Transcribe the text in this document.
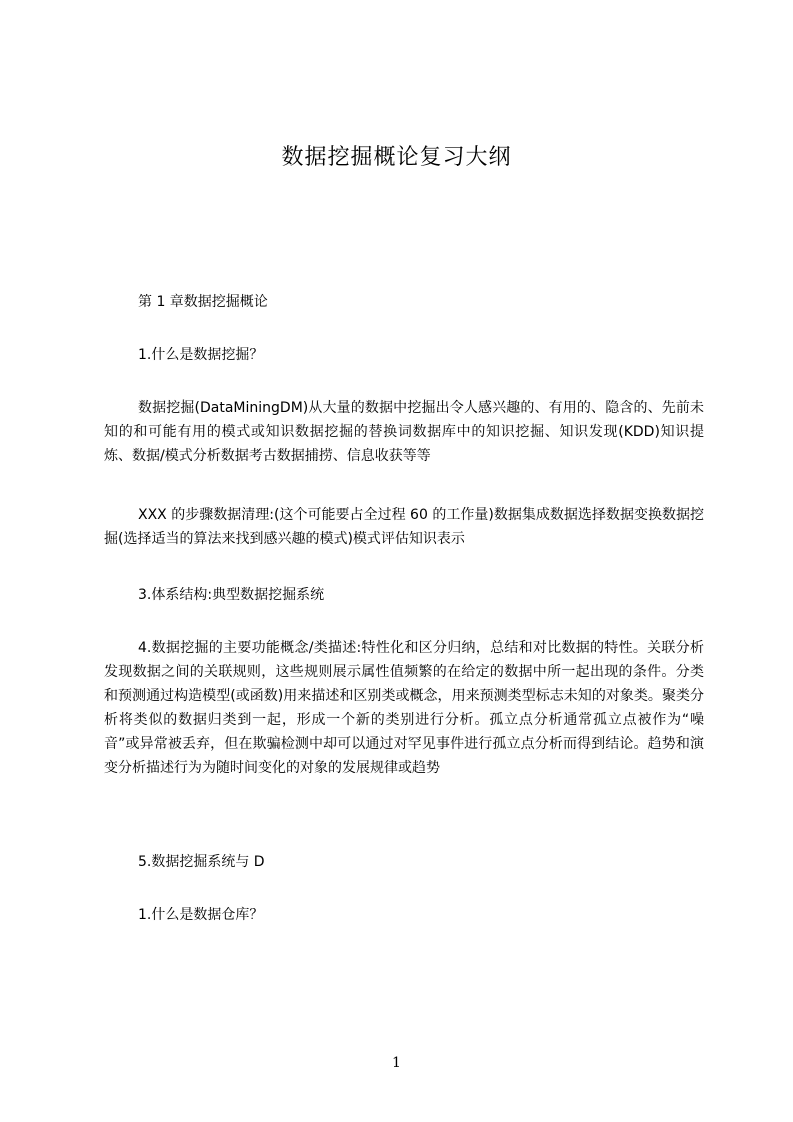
数据挖掘概论复习大纲
第 1 章数据挖掘概论
1.什么是数据挖掘？
数据挖掘(DataMiningDM)从大量的数据中挖掘出令人感兴趣的、有用的、隐含的、先前未知的和可能有用的模式或知识数据挖掘的替换词数据库中的知识挖掘、知识发现(KDD)知识提炼、数据/模式分析数据考古数据捕捞、信息收获等等
XXX 的步骤数据清理:(这个可能要占全过程 60 的工作量)数据集成数据选择数据变换数据挖掘(选择适当的算法来找到感兴趣的模式)模式评估知识表示
3.体系结构:典型数据挖掘系统
4.数据挖掘的主要功能概念/类描述:特性化和区分归纳，总结和对比数据的特性。关联分析发现数据之间的关联规则，这些规则展示属性值频繁的在给定的数据中所一起出现的条件。分类和预测通过构造模型(或函数)用来描述和区别类或概念，用来预测类型标志未知的对象类。聚类分析将类似的数据归类到一起，形成一个新的类别进行分析。孤立点分析通常孤立点被作为“噪音”或异常被丢弃，但在欺骗检测中却可以通过对罕见事件进行孤立点分析而得到结论。趋势和演变分析描述行为为随时间变化的对象的发展规律或趋势
5.数据挖掘系统与 D
1.什么是数据仓库？
1
